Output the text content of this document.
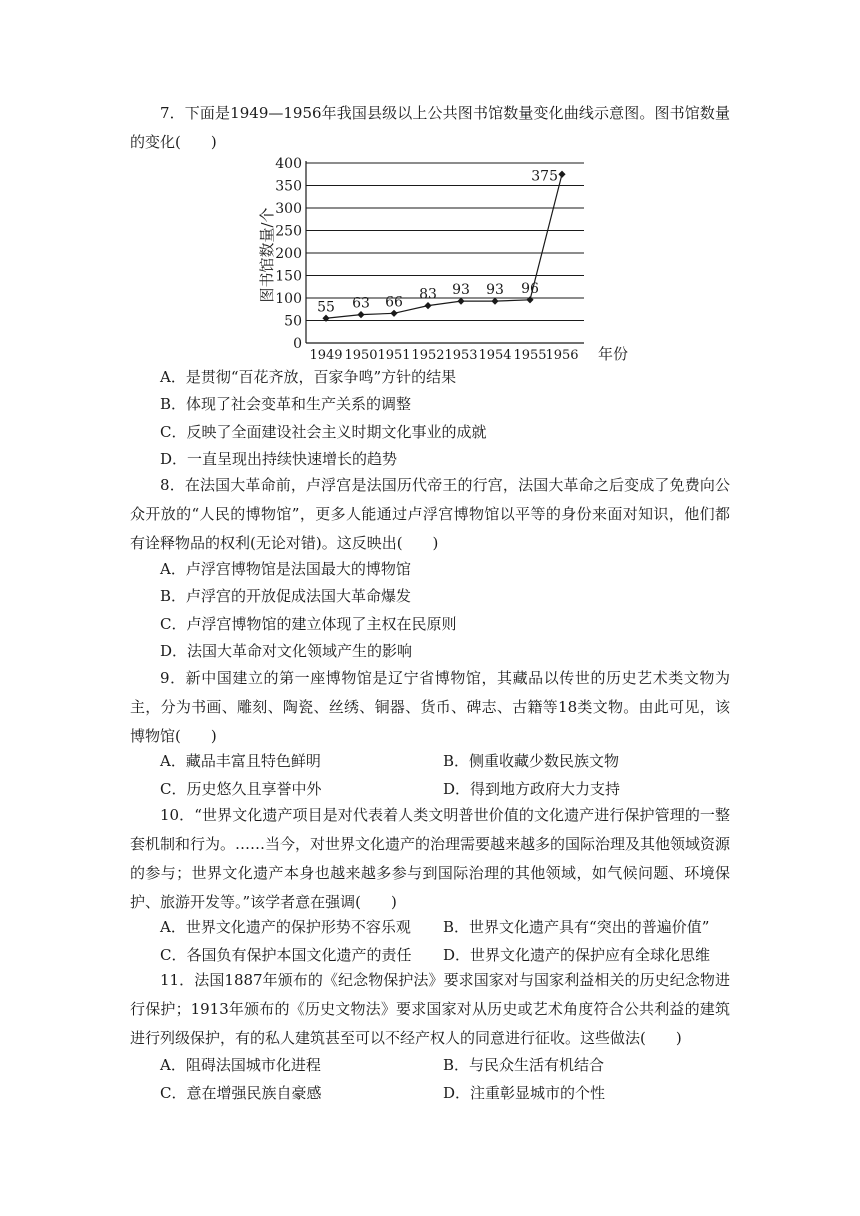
7．下面是1949—1956年我国县级以上公共图书馆数量变化曲线示意图。图书馆数量的变化(　　)
0
50
100
150
200
250
300
350
400
1949 1950 1951 1952 1953 1954 1955
1956
55 63 66 83 93 93 96
375
图书馆数量/个
年份
A．是贯彻“百花齐放，百家争鸣”方针的结果
B．体现了社会变革和生产关系的调整
C．反映了全面建设社会主义时期文化事业的成就
D．一直呈现出持续快速增长的趋势
8．在法国大革命前，卢浮宫是法国历代帝王的行宫，法国大革命之后变成了免费向公众开放的“人民的博物馆”，更多人能通过卢浮宫博物馆以平等的身份来面对知识，他们都有诠释物品的权利(无论对错)。这反映出(　　)
A．卢浮宫博物馆是法国最大的博物馆
B．卢浮宫的开放促成法国大革命爆发
C．卢浮宫博物馆的建立体现了主权在民原则
D．法国大革命对文化领域产生的影响
9．新中国建立的第一座博物馆是辽宁省博物馆，其藏品以传世的历史艺术类文物为主，分为书画、雕刻、陶瓷、丝绣、铜器、货币、碑志、古籍等18类文物。由此可见，该博物馆(　　)
A．藏品丰富且特色鲜明	B．侧重收藏少数民族文物
C．历史悠久且享誉中外	D．得到地方政府大力支持
10．“世界文化遗产项目是对代表着人类文明普世价值的文化遗产进行保护管理的一整套机制和行为。……当今，对世界文化遗产的治理需要越来越多的国际治理及其他领域资源的参与；世界文化遗产本身也越来越多参与到国际治理的其他领域，如气候问题、环境保护、旅游开发等。”该学者意在强调(　　)
A．世界文化遗产的保护形势不容乐观 B．世界文化遗产具有“突出的普遍价值”
C．各国负有保护本国文化遗产的责任 D．世界文化遗产的保护应有全球化思维
11．法国1887年颁布的《纪念物保护法》要求国家对与国家利益相关的历史纪念物进行保护；1913年颁布的《历史文物法》要求国家对从历史或艺术角度符合公共利益的建筑进行列级保护，有的私人建筑甚至可以不经产权人的同意进行征收。这些做法(　　)
A．阻碍法国城市化进程	B．与民众生活有机结合
C．意在增强民族自豪感	D．注重彰显城市的个性
